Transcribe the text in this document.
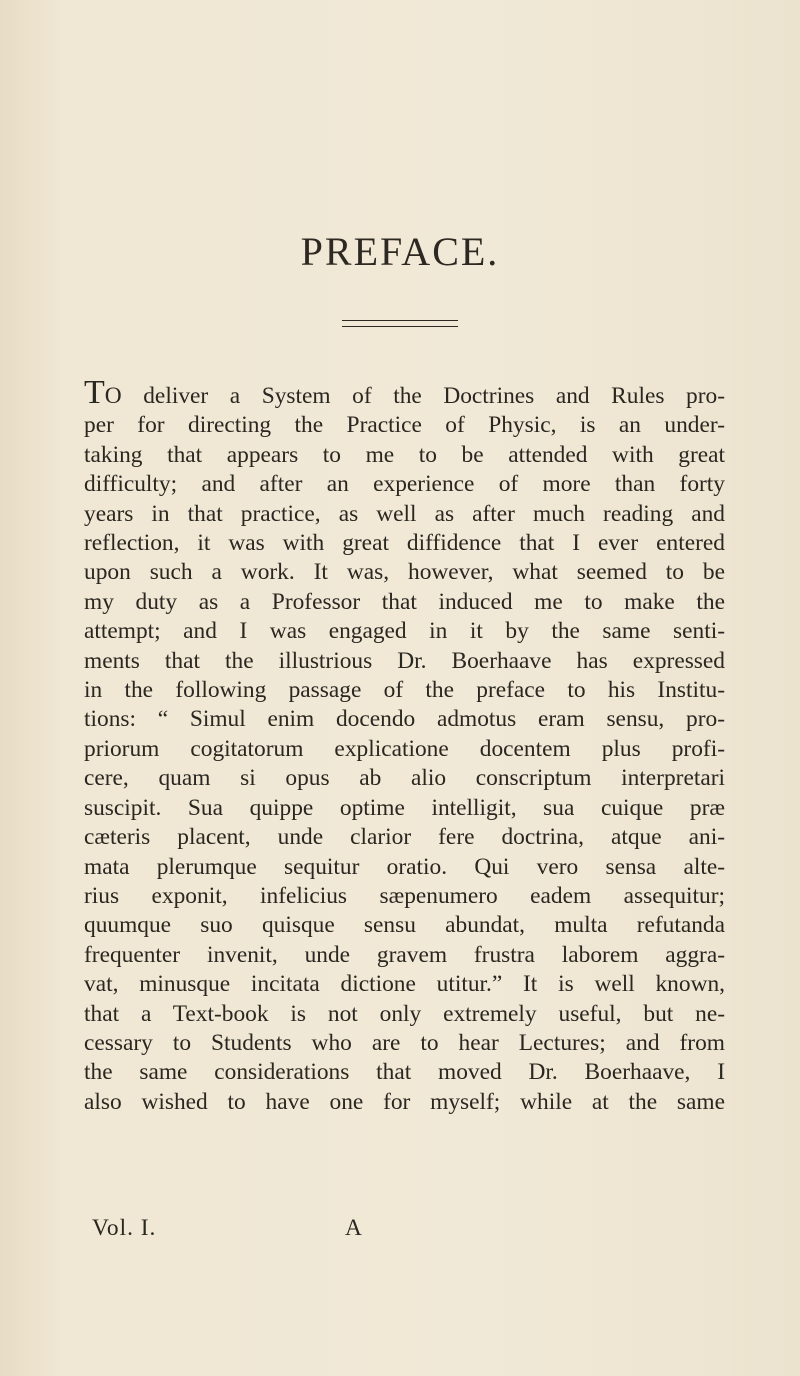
PREFACE.
TO deliver a System of the Doctrines and Rules pro-
per for directing the Practice of Physic, is an under-
taking that appears to me to be attended with great
difficulty; and after an experience of more than forty
years in that practice, as well as after much reading and
reflection, it was with great diffidence that I ever entered
upon such a work. It was, however, what seemed to be
my duty as a Professor that induced me to make the
attempt; and I was engaged in it by the same senti-
ments that the illustrious Dr. Boerhaave has expressed
in the following passage of the preface to his Institu-
tions: “ Simul enim docendo admotus eram sensu, pro-
priorum cogitatorum explicatione docentem plus profi-
cere, quam si opus ab alio conscriptum interpretari
suscipit. Sua quippe optime intelligit, sua cuique præ
cæteris placent, unde clarior fere doctrina, atque ani-
mata plerumque sequitur oratio. Qui vero sensa alte-
rius exponit, infelicius sæpenumero eadem assequitur;
quumque suo quisque sensu abundat, multa refutanda
frequenter invenit, unde gravem frustra laborem aggra-
vat, minusque incitata dictione utitur.” It is well known,
that a Text-book is not only extremely useful, but ne-
cessary to Students who are to hear Lectures; and from
the same considerations that moved Dr. Boerhaave, I
also wished to have one for myself; while at the same
Vol. I.	A
